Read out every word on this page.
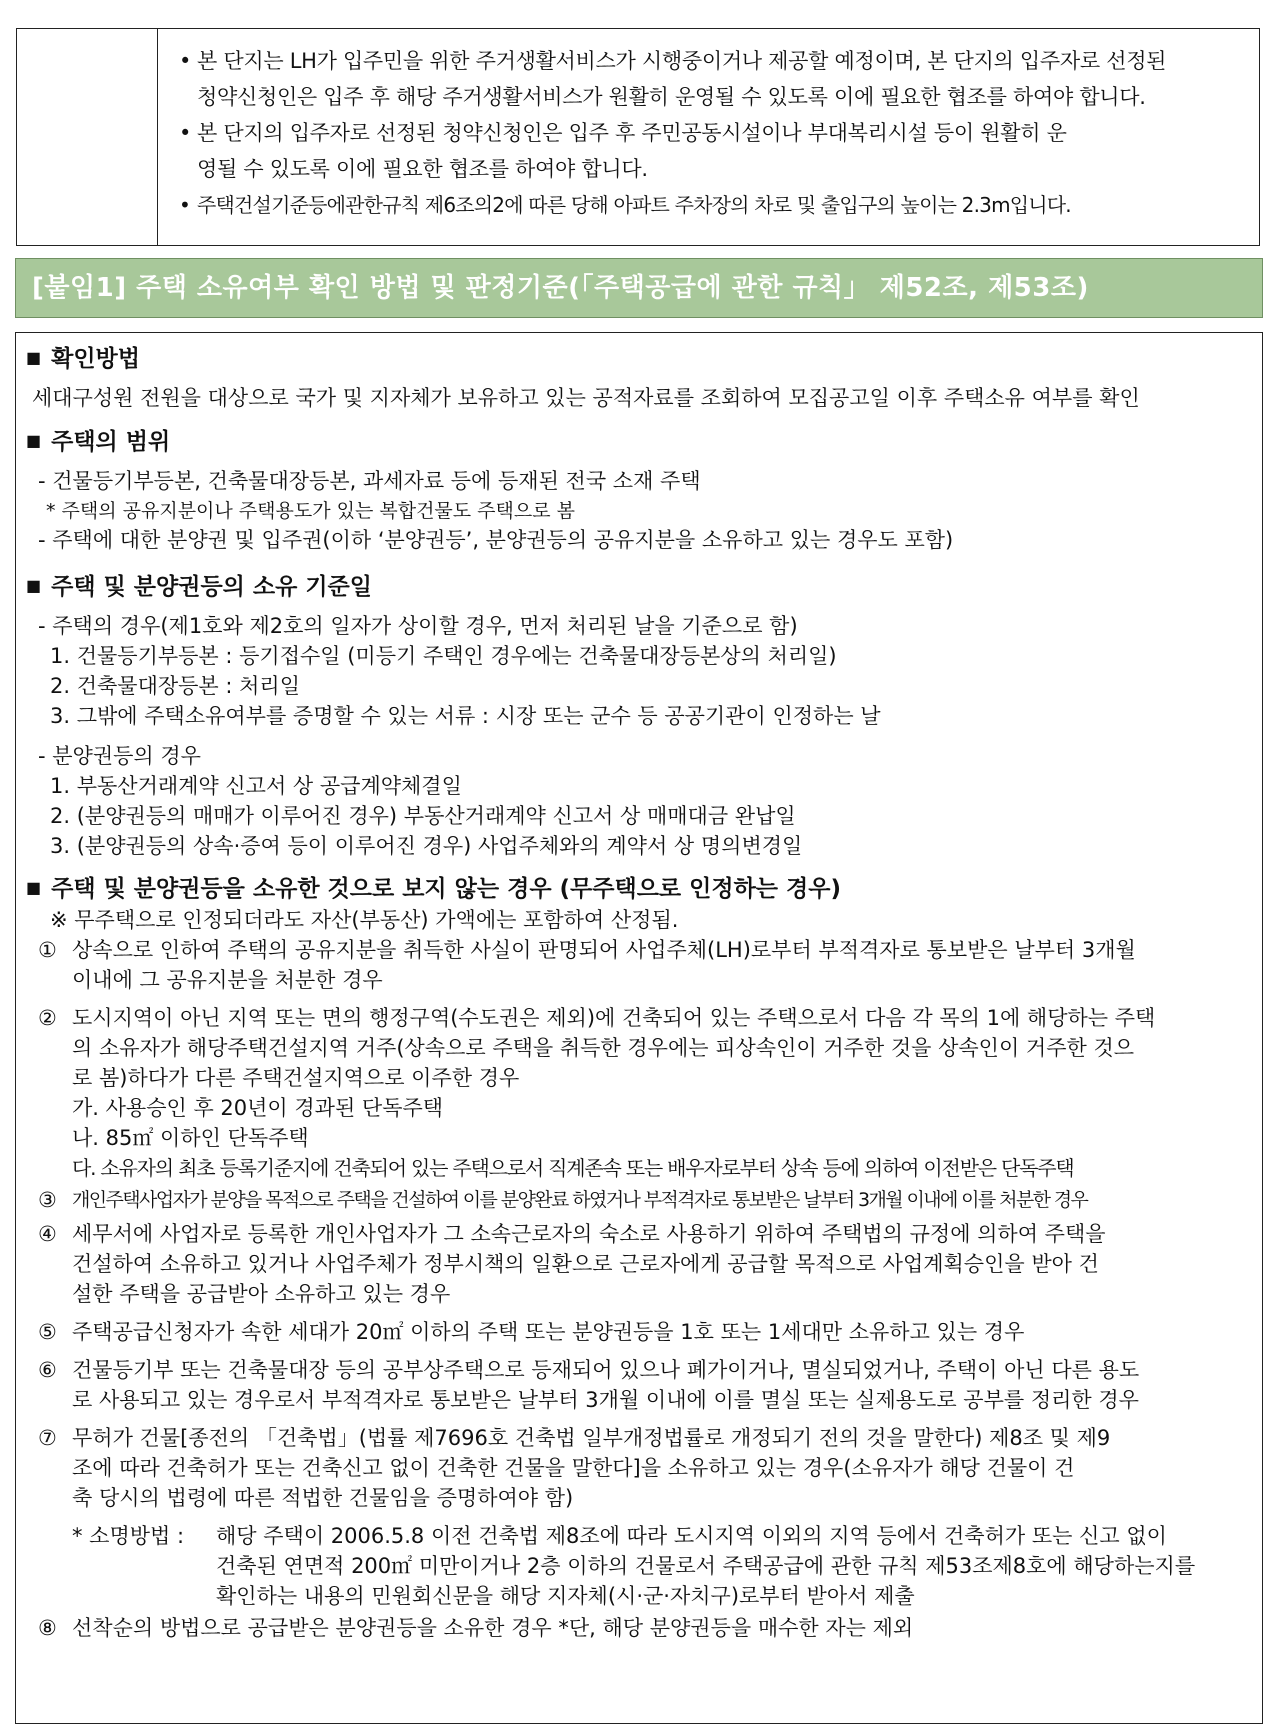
• 본 단지는 LH가 입주민을 위한 주거생활서비스가 시행중이거나 제공할 예정이며, 본 단지의 입주자로 선정된
청약신청인은 입주 후 해당 주거생활서비스가 원활히 운영될 수 있도록 이에 필요한 협조를 하여야 합니다.
• 본 단지의 입주자로 선정된 청약신청인은 입주 후 주민공동시설이나 부대복리시설 등이 원활히 운
영될 수 있도록 이에 필요한 협조를 하여야 합니다.
• 주택건설기준등에관한규칙 제6조의2에 따른 당해 아파트 주차장의 차로 및 출입구의 높이는 2.3m입니다.
[붙임1] 주택 소유여부 확인 방법 및 판정기준(「주택공급에 관한 규칙」 제52조, 제53조)
■ 확인방법
세대구성원 전원을 대상으로 국가 및 지자체가 보유하고 있는 공적자료를 조회하여 모집공고일 이후 주택소유 여부를 확인
■ 주택의 범위
- 건물등기부등본, 건축물대장등본, 과세자료 등에 등재된 전국 소재 주택
* 주택의 공유지분이나 주택용도가 있는 복합건물도 주택으로 봄
- 주택에 대한 분양권 및 입주권(이하 ‘분양권등’, 분양권등의 공유지분을 소유하고 있는 경우도 포함)
■ 주택 및 분양권등의 소유 기준일
- 주택의 경우(제1호와 제2호의 일자가 상이할 경우, 먼저 처리된 날을 기준으로 함)
1. 건물등기부등본 : 등기접수일 (미등기 주택인 경우에는 건축물대장등본상의 처리일)
2. 건축물대장등본 : 처리일
3. 그밖에 주택소유여부를 증명할 수 있는 서류 : 시장 또는 군수 등 공공기관이 인정하는 날
- 분양권등의 경우
1. 부동산거래계약 신고서 상 공급계약체결일
2. (분양권등의 매매가 이루어진 경우) 부동산거래계약 신고서 상 매매대금 완납일
3. (분양권등의 상속·증여 등이 이루어진 경우) 사업주체와의 계약서 상 명의변경일
■ 주택 및 분양권등을 소유한 것으로 보지 않는 경우 (무주택으로 인정하는 경우)
※ 무주택으로 인정되더라도 자산(부동산) 가액에는 포함하여 산정됨.
① 상속으로 인하여 주택의 공유지분을 취득한 사실이 판명되어 사업주체(LH)로부터 부적격자로 통보받은 날부터 3개월
이내에 그 공유지분을 처분한 경우
② 도시지역이 아닌 지역 또는 면의 행정구역(수도권은 제외)에 건축되어 있는 주택으로서 다음 각 목의 1에 해당하는 주택
의 소유자가 해당주택건설지역 거주(상속으로 주택을 취득한 경우에는 피상속인이 거주한 것을 상속인이 거주한 것으
로 봄)하다가 다른 주택건설지역으로 이주한 경우
가. 사용승인 후 20년이 경과된 단독주택
나. 85㎡ 이하인 단독주택
다. 소유자의 최초 등록기준지에 건축되어 있는 주택으로서 직계존속 또는 배우자로부터 상속 등에 의하여 이전받은 단독주택
③ 개인주택사업자가 분양을 목적으로 주택을 건설하여 이를 분양완료 하였거나 부적격자로 통보받은 날부터 3개월 이내에 이를 처분한 경우
④ 세무서에 사업자로 등록한 개인사업자가 그 소속근로자의 숙소로 사용하기 위하여 주택법의 규정에 의하여 주택을
건설하여 소유하고 있거나 사업주체가 정부시책의 일환으로 근로자에게 공급할 목적으로 사업계획승인을 받아 건
설한 주택을 공급받아 소유하고 있는 경우
⑤ 주택공급신청자가 속한 세대가 20㎡ 이하의 주택 또는 분양권등을 1호 또는 1세대만 소유하고 있는 경우
⑥ 건물등기부 또는 건축물대장 등의 공부상주택으로 등재되어 있으나 폐가이거나, 멸실되었거나, 주택이 아닌 다른 용도
로 사용되고 있는 경우로서 부적격자로 통보받은 날부터 3개월 이내에 이를 멸실 또는 실제용도로 공부를 정리한 경우
⑦ 무허가 건물[종전의 「건축법」(법률 제7696호 건축법 일부개정법률로 개정되기 전의 것을 말한다) 제8조 및 제9
조에 따라 건축허가 또는 건축신고 없이 건축한 건물을 말한다]을 소유하고 있는 경우(소유자가 해당 건물이 건
축 당시의 법령에 따른 적법한 건물임을 증명하여야 함)
* 소명방법 : 해당 주택이 2006.5.8 이전 건축법 제8조에 따라 도시지역 이외의 지역 등에서 건축허가 또는 신고 없이
건축된 연면적 200㎡ 미만이거나 2층 이하의 건물로서 주택공급에 관한 규칙 제53조제8호에 해당하는지를
확인하는 내용의 민원회신문을 해당 지자체(시·군·자치구)로부터 받아서 제출
⑧ 선착순의 방법으로 공급받은 분양권등을 소유한 경우 *단, 해당 분양권등을 매수한 자는 제외
